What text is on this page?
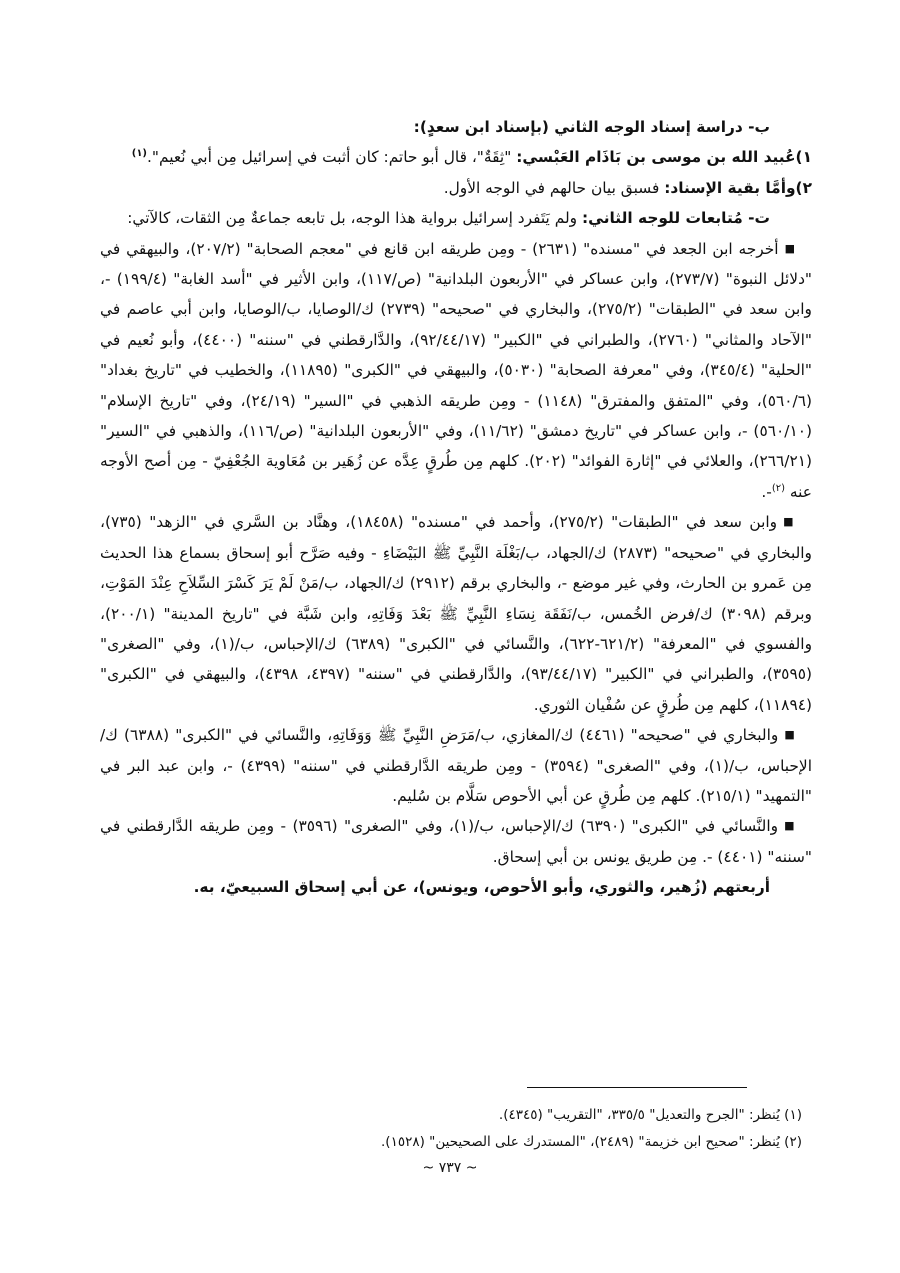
ب- دراسة إسناد الوجه الثاني (بإسناد ابن سعدٍ):

١)عُبيد الله بن موسى بن بَاذَام العَبْسي: "ثِقَةٌ"، قال أبو حاتم: كان أثبت في إسرائيل مِن أبي نُعيم".$^{(١)}$

٢)وأمَّا بقية الإسناد: فسبق بيان حالهم في الوجه الأول.

ت- مُتابعات للوجه الثاني: ولم يَتَفرد إسرائيل برواية هذا الوجه، بل تابعه جماعةٌ مِن الثقات، كالآتي:

■أخرجه ابن الجعد في "مسنده" (٢٦٣١) - ومِن طريقه ابن قانع في "معجم الصحابة" (٢٠٧/٢)، والبيهقي في "دلائل النبوة" (٢٧٣/٧)، وابن عساكر في "الأربعون البلدانية" (ص/١١٧)، وابن الأثير في "أسد الغابة" (١٩٩/٤) -، وابن سعد في "الطبقات" (٢٧٥/٢)، والبخاري في "صحيحه" (٢٧٣٩) ك/الوصايا، ب/الوصايا، وابن أبي عاصم في "الآحاد والمثاني" (٢٧٦٠)، والطبراني في "الكبير" (٩٢/٤٤/١٧)، والدَّارقطني في "سننه" (٤٤٠٠)، وأبو نُعيم في "الحلية" (٣٤٥/٤)، وفي "معرفة الصحابة" (٥٠٣٠)، والبيهقي في "الكبرى" (١١٨٩٥)، والخطيب في "تاريخ بغداد" (٥٦٠/٦)، وفي "المتفق والمفترق" (١١٤٨) - ومِن طريقه الذهبي في "السير" (٢٤/١٩)، وفي "تاريخ الإسلام" (٥٦٠/١٠) -، وابن عساكر في "تاريخ دمشق" (١١/٦٢)، وفي "الأربعون البلدانية" (ص/١١٦)، والذهبي في "السير" (٢٦٦/٢١)، والعلائي في "إثارة الفوائد" (٢٠٢). كلهم مِن طُرقٍ عِدَّه عن زُهَير بن مُعَاوية الجُعْفِيّ - مِن أصح الأوجه عنه $^{(٢)}$-.

■وابن سعد في "الطبقات" (٢٧٥/٢)، وأحمد في "مسنده" (١٨٤٥٨)، وهنَّاد بن السَّري في "الزهد" (٧٣٥)، والبخاري في "صحيحه" (٢٨٧٣) ك/الجهاد، ب/بَغْلَة النَّبِيِّ ﷺ البَيْضَاءِ - وفيه صَرَّح أبو إسحاق بسماع هذا الحديث مِن عَمرو بن الحارث، وفي غير موضع -، والبخاري برقم (٢٩١٢) ك/الجهاد، ب/مَنْ لَمْ يَرَ كَسْرَ السِّلاَحِ عِنْدَ المَوْتِ، وبرقم (٣٠٩٨) ك/فرض الخُمس، ب/نَفَقَة نِسَاءِ النَّبِيِّ ﷺ بَعْدَ وَفَاتِهِ، وابن شَبَّة في "تاريخ المدينة" (٢٠٠/١)، والفسوي في "المعرفة" (٦٢١/٢-٦٢٢)، والنَّسائي في "الكبرى" (٦٣٨٩) ك/الإحباس، ب/(١)، وفي "الصغرى" (٣٥٩٥)، والطبراني في "الكبير" (٩٣/٤٤/١٧)، والدَّارقطني في "سننه" (٤٣٩٧، ٤٣٩٨)، والبيهقي في "الكبرى" (١١٨٩٤)، كلهم مِن طُرقٍ عن سُفْيان الثوري.

■والبخاري في "صحيحه" (٤٤٦١) ك/المغازي، ب/مَرَضِ النَّبِيِّ ﷺ وَوَفَاتِهِ، والنَّسائي في "الكبرى" (٦٣٨٨) ك/الإحباس، ب/(١)، وفي "الصغرى" (٣٥٩٤) - ومِن طريقه الدَّارقطني في "سننه" (٤٣٩٩) -، وابن عبد البر في "التمهيد" (٢١٥/١). كلهم مِن طُرقٍ عن أبي الأحوص سَلَّام بن سُليم.

■والنَّسائي في "الكبرى" (٦٣٩٠) ك/الإحباس، ب/(١)، وفي "الصغرى" (٣٥٩٦) - ومِن طريقه الدَّارقطني في "سننه" (٤٤٠١) -. مِن طريق يونس بن أبي إسحاق.

أربعتهم (زُهير، والثوري، وأبو الأحوص، ويونس)، عن أبي إسحاق السبيعيّ، به.

(١) يُنظر: "الجرح والتعديل" ٣٣٥/٥، "التقريب" (٤٣٤٥).

(٢) يُنظر: "صحيح ابن خزيمة" (٢٤٨٩)، "المستدرك على الصحيحين" (١٥٢٨).

~ ٧٣٧ ~
